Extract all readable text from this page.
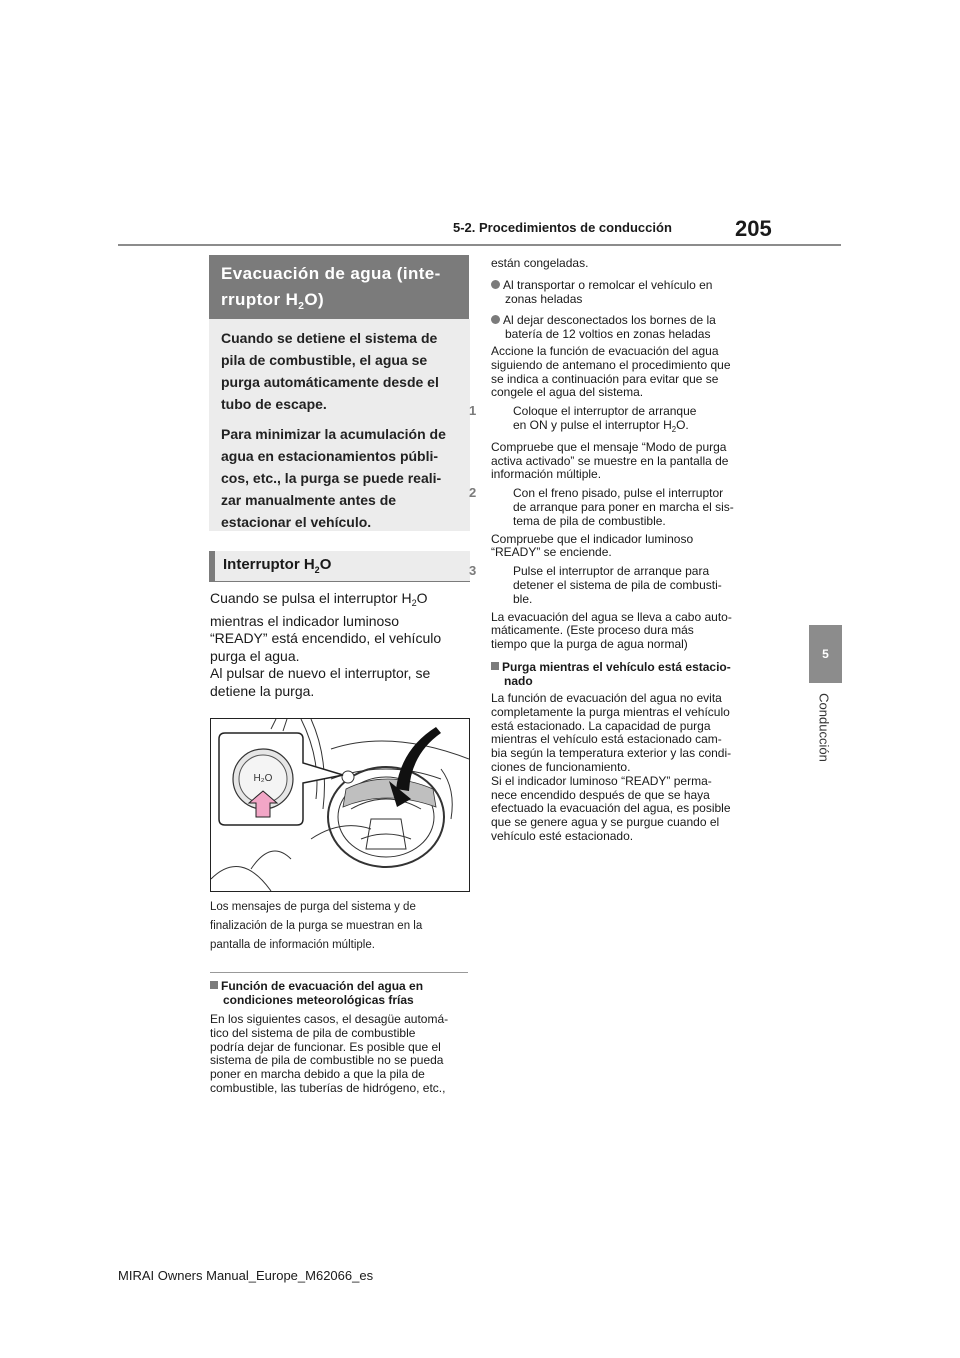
5-2. Procedimientos de conducción	205
5
Conducción
Evacuación de agua (inte-
rruptor $H_2O$)

Cuando se detiene el sistema de
pila de combustible, el agua se
purga automáticamente desde el
tubo de escape.

Para minimizar la acumulación de
agua en estacionamientos públi-
cos, etc., la purga se puede reali-
zar manualmente antes de
estacionar el vehículo.

Interruptor $H_2O$
Cuando se pulsa el interruptor $H_2O$
mientras el indicador luminoso
“READY” está encendido, el vehículo
purga el agua.
Al pulsar de nuevo el interruptor, se
detiene la purga.
H₂O
Los mensajes de purga del sistema y de
finalización de la purga se muestran en la
pantalla de información múltiple.
Función de evacuación del agua en
condiciones meteorológicas frías
En los siguientes casos, el desagüe automá-
tico del sistema de pila de combustible
podría dejar de funcionar. Es posible que el
sistema de pila de combustible no se pueda
poner en marcha debido a que la pila de
combustible, las tuberías de hidrógeno, etc.,
están congeladas.
Al transportar o remolcar el vehículo en
zonas heladas
Al dejar desconectados los bornes de la
batería de 12 voltios en zonas heladas
Accione la función de evacuación del agua
siguiendo de antemano el procedimiento que
se indica a continuación para evitar que se
congele el agua del sistema.
1	Coloque el interruptor de arranque
en ON y pulse el interruptor $H_2O$.
Compruebe que el mensaje “Modo de purga
activa activado” se muestre en la pantalla de
información múltiple.
2	Con el freno pisado, pulse el interruptor
de arranque para poner en marcha el sis-
tema de pila de combustible.
Compruebe que el indicador luminoso
“READY” se enciende.
3	Pulse el interruptor de arranque para
detener el sistema de pila de combusti-
ble.
La evacuación del agua se lleva a cabo auto-
máticamente. (Este proceso dura más
tiempo que la purga de agua normal)
Purga mientras el vehículo está estacio-
nado
La función de evacuación del agua no evita
completamente la purga mientras el vehículo
está estacionado. La capacidad de purga
mientras el vehículo está estacionado cam-
bia según la temperatura exterior y las condi-
ciones de funcionamiento.
Si el indicador luminoso “READY” perma-
nece encendido después de que se haya
efectuado la evacuación del agua, es posible
que se genere agua y se purgue cuando el
vehículo esté estacionado.
MIRAI Owners Manual_Europe_M62066_es
